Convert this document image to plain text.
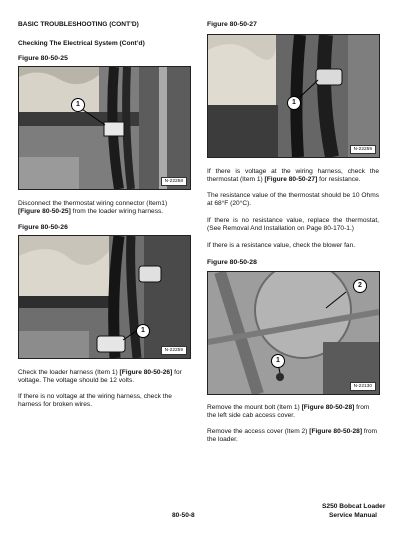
BASIC TROUBLESHOOTING (CONT’D)
Checking The Electrical System (Cont’d)
Figure 80-50-25
1
N-22258
Disconnect the thermostat wiring connector (Item1) [Figure 80-50-25] from the loader wiring harness.
Figure 80-50-26
1
N-22259
Check the loader harness (Item 1) [Figure 80-50-26] for voltage. The voltage should be 12 volts.
If there is no voltage at the wiring harness, check the harness for broken wires.
Figure 80-50-27
1
N-22259
If there is voltage at the wiring harness, check the thermostat (Item 1) [Figure 80-50-27] for resistance.
The resistance value of the thermostat should be 10 Ohms at 68°F (20°C).
If there is no resistance value, replace the thermostat, (See Removal And Installation on Page 80-170-1.)
If there is a resistance value, check the blower fan.
Figure 80-50-28
2
1
N-22130
Remove the mount bolt (Item 1) [Figure 80-50-28] from the left side cab access cover.
Remove the access cover (Item 2) [Figure 80-50-28] from the loader.
80-50-8
S250 Bobcat Loader
Service Manual
